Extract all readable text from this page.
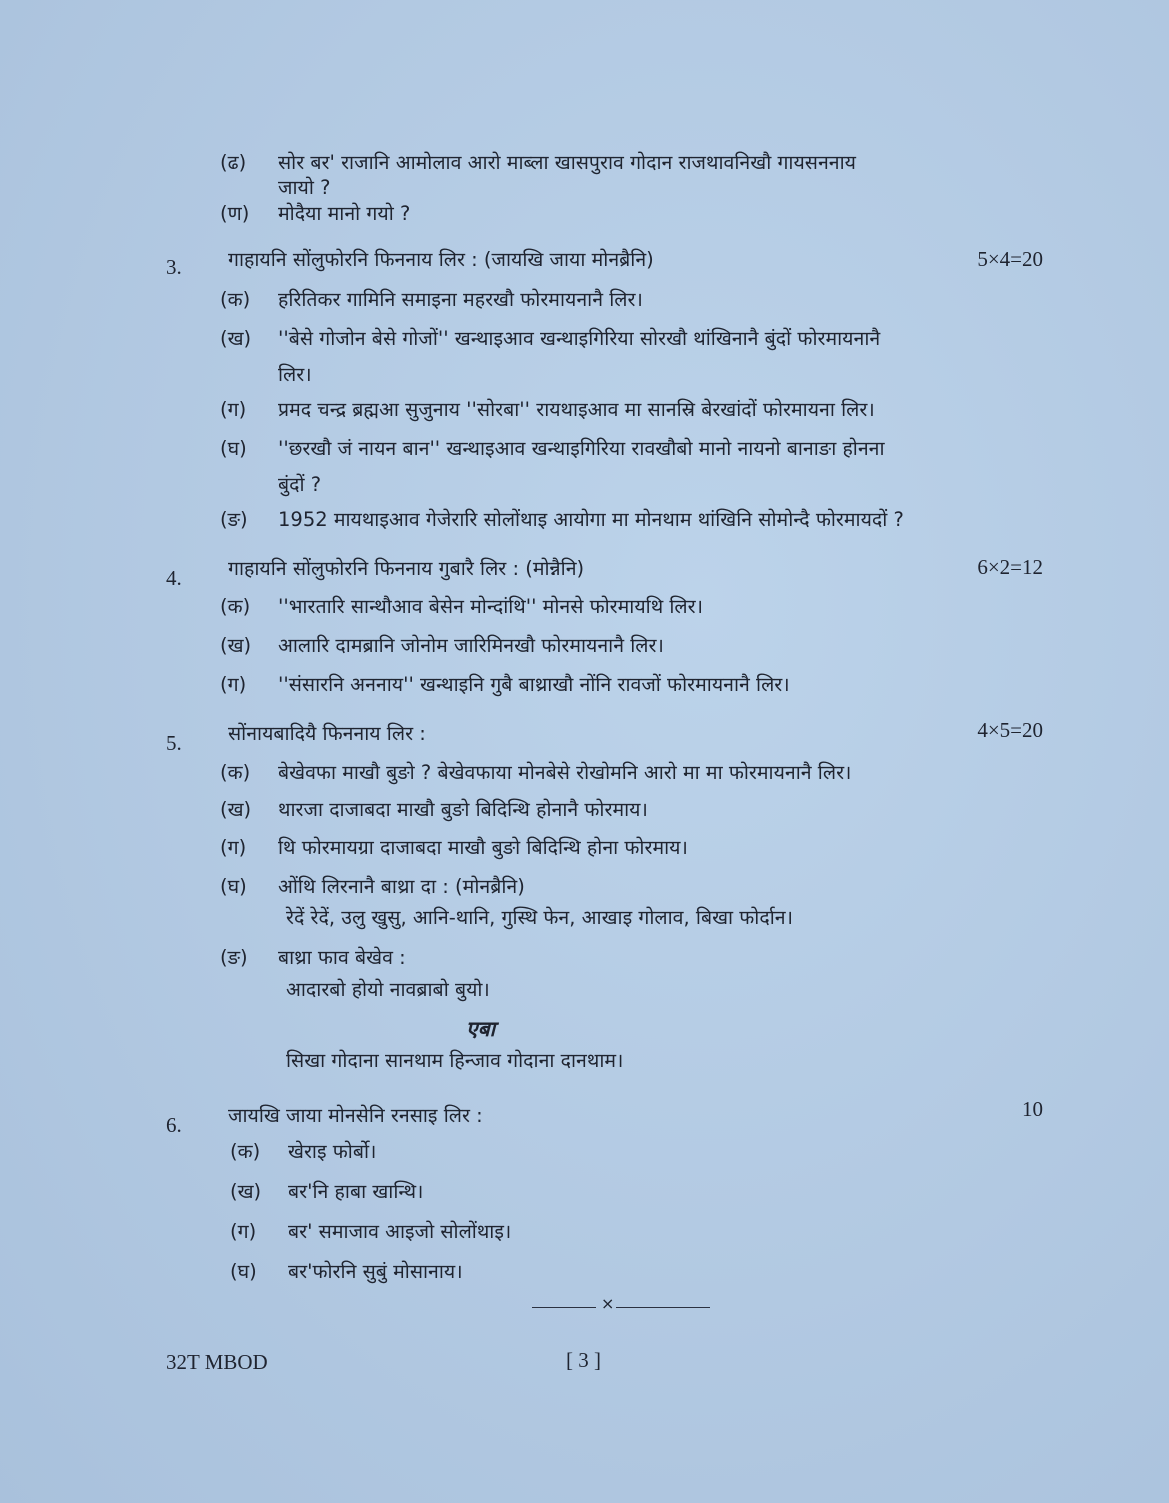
(ढ) सोर बर' राजानि आमोलाव आरो माब्ला खासपुराव गोदान राजथावनिखौ गायसननाय
जायो ?
(ण) मोदैया मानो गयो ?
3. गाहायनि सोंलुफोरनि फिननाय लिर : (जायखि जाया मोनब्रैनि)	5×4=20
(क) हरितिकर गामिनि समाइना महरखौ फोरमायनानै लिर।
(ख) ''बेसे गोजोन बेसे गोजों'' खन्थाइआव खन्थाइगिरिया सोरखौ थांखिनानै बुंदों फोरमायनानै
लिर।
(ग) प्रमद चन्द्र ब्रह्मआ सुजुनाय ''सोरबा'' रायथाइआव मा सानस्रि बेरखांदों फोरमायना लिर।
(घ) ''छरखौ जं नायन बान'' खन्थाइआव खन्थाइगिरिया रावखौबो मानो नायनो बानाङा होनना
बुंदों ?
(ङ) 1952 मायथाइआव गेजेरारि सोलोंथाइ आयोगा मा मोनथाम थांखिनि सोमोन्दै फोरमायदों ?
4. गाहायनि सोंलुफोरनि फिननाय गुबारै लिर : (मोन्नैनि)	6×2=12
(क) ''भारतारि सान्थौआव बेसेन मोन्दांथि'' मोनसे फोरमायथि लिर।
(ख) आलारि दामब्रानि जोनोम जारिमिनखौ फोरमायनानै लिर।
(ग) ''संसारनि अननाय'' खन्थाइनि गुबै बाथ्राखौ नोंनि रावजों फोरमायनानै लिर।
5. सोंनायबादियै फिननाय लिर :	4×5=20
(क) बेखेवफा माखौ बुङो ? बेखेवफाया मोनबेसे रोखोमनि आरो मा मा फोरमायनानै लिर।
(ख) थारजा दाजाबदा माखौ बुङो बिदिन्थि होनानै फोरमाय।
(ग) थि फोरमायग्रा दाजाबदा माखौ बुङो बिदिन्थि होना फोरमाय।
(घ) ओंथि लिरनानै बाथ्रा दा : (मोनब्रैनि)
रेदें रेदें, उलु खुसु, आनि-थानि, गुस्थि फेन, आखाइ गोलाव, बिखा फोर्दान।
(ङ) बाथ्रा फाव बेखेव :
आदारबो होयो नावब्राबो बुयो।
एबा
सिखा गोदाना सानथाम हिन्जाव गोदाना दानथाम।
6. जायखि जाया मोनसेनि रनसाइ लिर :	10
(क) खेराइ फोर्बो।
(ख) बर'नि हाबा खान्थि।
(ग) बर' समाजाव आइजो सोलोंथाइ।
(घ) बर'फोरनि सुबुं मोसानाय।
×
32T MBOD	[ 3 ]
